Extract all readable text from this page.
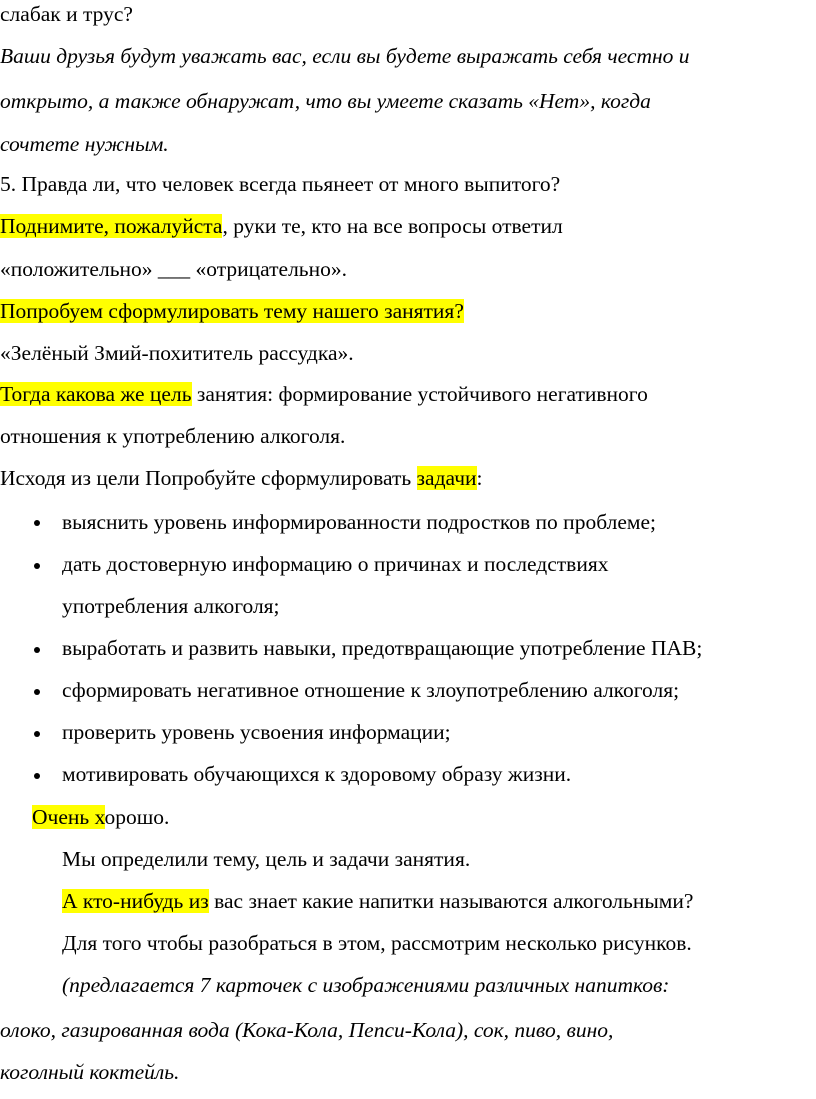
слабак и трус?
Ваши друзья будут уважать вас, если вы будете выражать себя честно и
открыто, а также обнаружат, что вы умеете сказать «Нет», когда
сочтете нужным.
5. Правда ли, что человек всегда пьянеет от много выпитого?
Поднимите, пожалуйста, руки те, кто на все вопросы ответил
«положительно» ___ «отрицательно».
Попробуем сформулировать тему нашего занятия?
«Зелёный Змий-похититель рассудка».
Тогда какова же цель занятия: формирование устойчивого негативного
отношения к употреблению алкоголя.
Исходя из цели Попробуйте сформулировать задачи:
выяснить уровень информированности подростков по проблеме;
дать достоверную информацию о причинах и последствиях
употребления алкоголя;
выработать и развить навыки, предотвращающие употребление ПАВ;
сформировать негативное отношение к злоупотреблению алкоголя;
проверить уровень усвоения информации;
мотивировать обучающихся к здоровому образу жизни.
Очень хорошо.
Мы определили тему, цель и задачи занятия.
А кто-нибудь из вас знает какие напитки называются алкогольными?
Для того чтобы разобраться в этом, рассмотрим несколько рисунков.
(предлагается 7 карточек с изображениями различных напитков:
олоко, газированная вода (Кока-Кола, Пепси-Кола), сок, пиво, вино,
коголный коктейль.
